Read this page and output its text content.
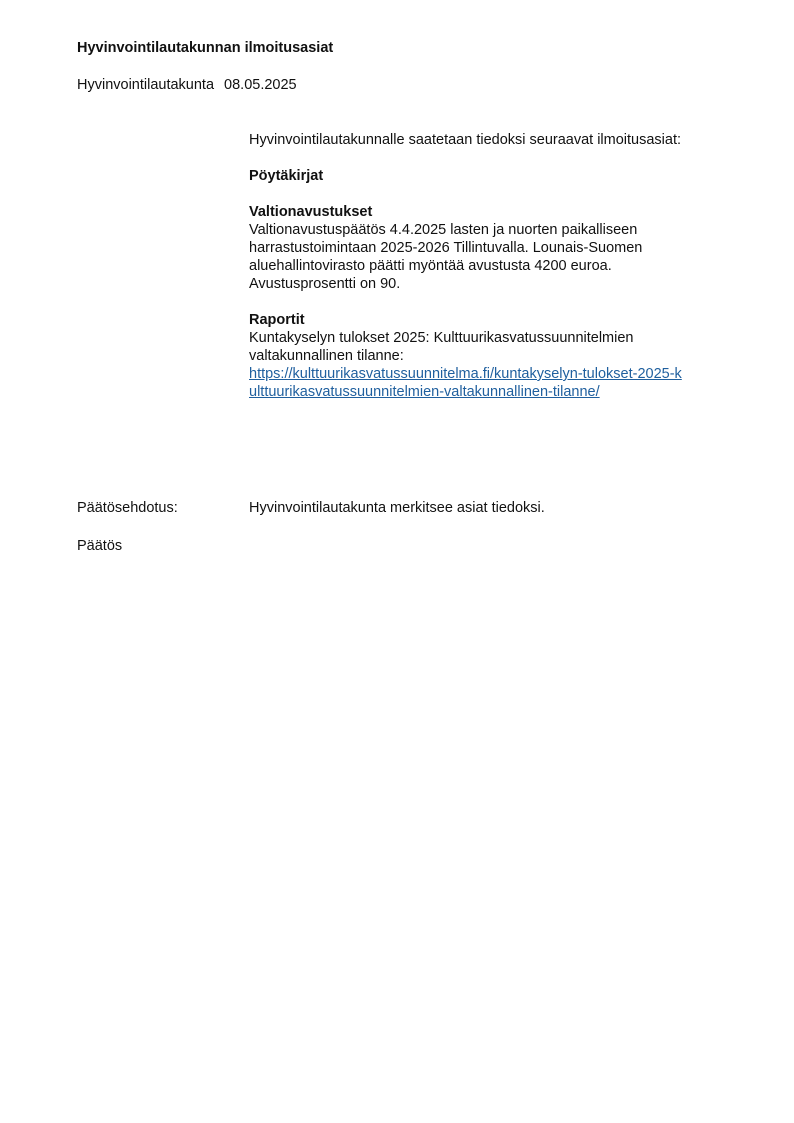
Hyvinvointilautakunnan ilmoitusasiat
Hyvinvointilautakunta 08.05.2025

Hyvinvointilautakunnalle saatetaan tiedoksi seuraavat ilmoitusasiat:

Pöytäkirjat

Valtionavustukset

Valtionavustuspäätös 4.4.2025 lasten ja nuorten paikalliseen harrastustoimintaan 2025-2026 Tillintuvalla. Lounais-Suomen aluehallintovirasto päätti myöntää avustusta 4200 euroa. Avustusprosentti on 90.

Raportit

Kuntakyselyn tulokset 2025: Kulttuurikasvatussuunnitelmien valtakunnallinen tilanne:

https://kulttuurikasvatussuunnitelma.fi/kuntakyselyn-tulokset-2025-kulttuurikasvatussuunnitelmien-valtakunnallinen-tilanne/
Päätösehdotus:	Hyvinvointilautakunta merkitsee asiat tiedoksi.
Päätös
